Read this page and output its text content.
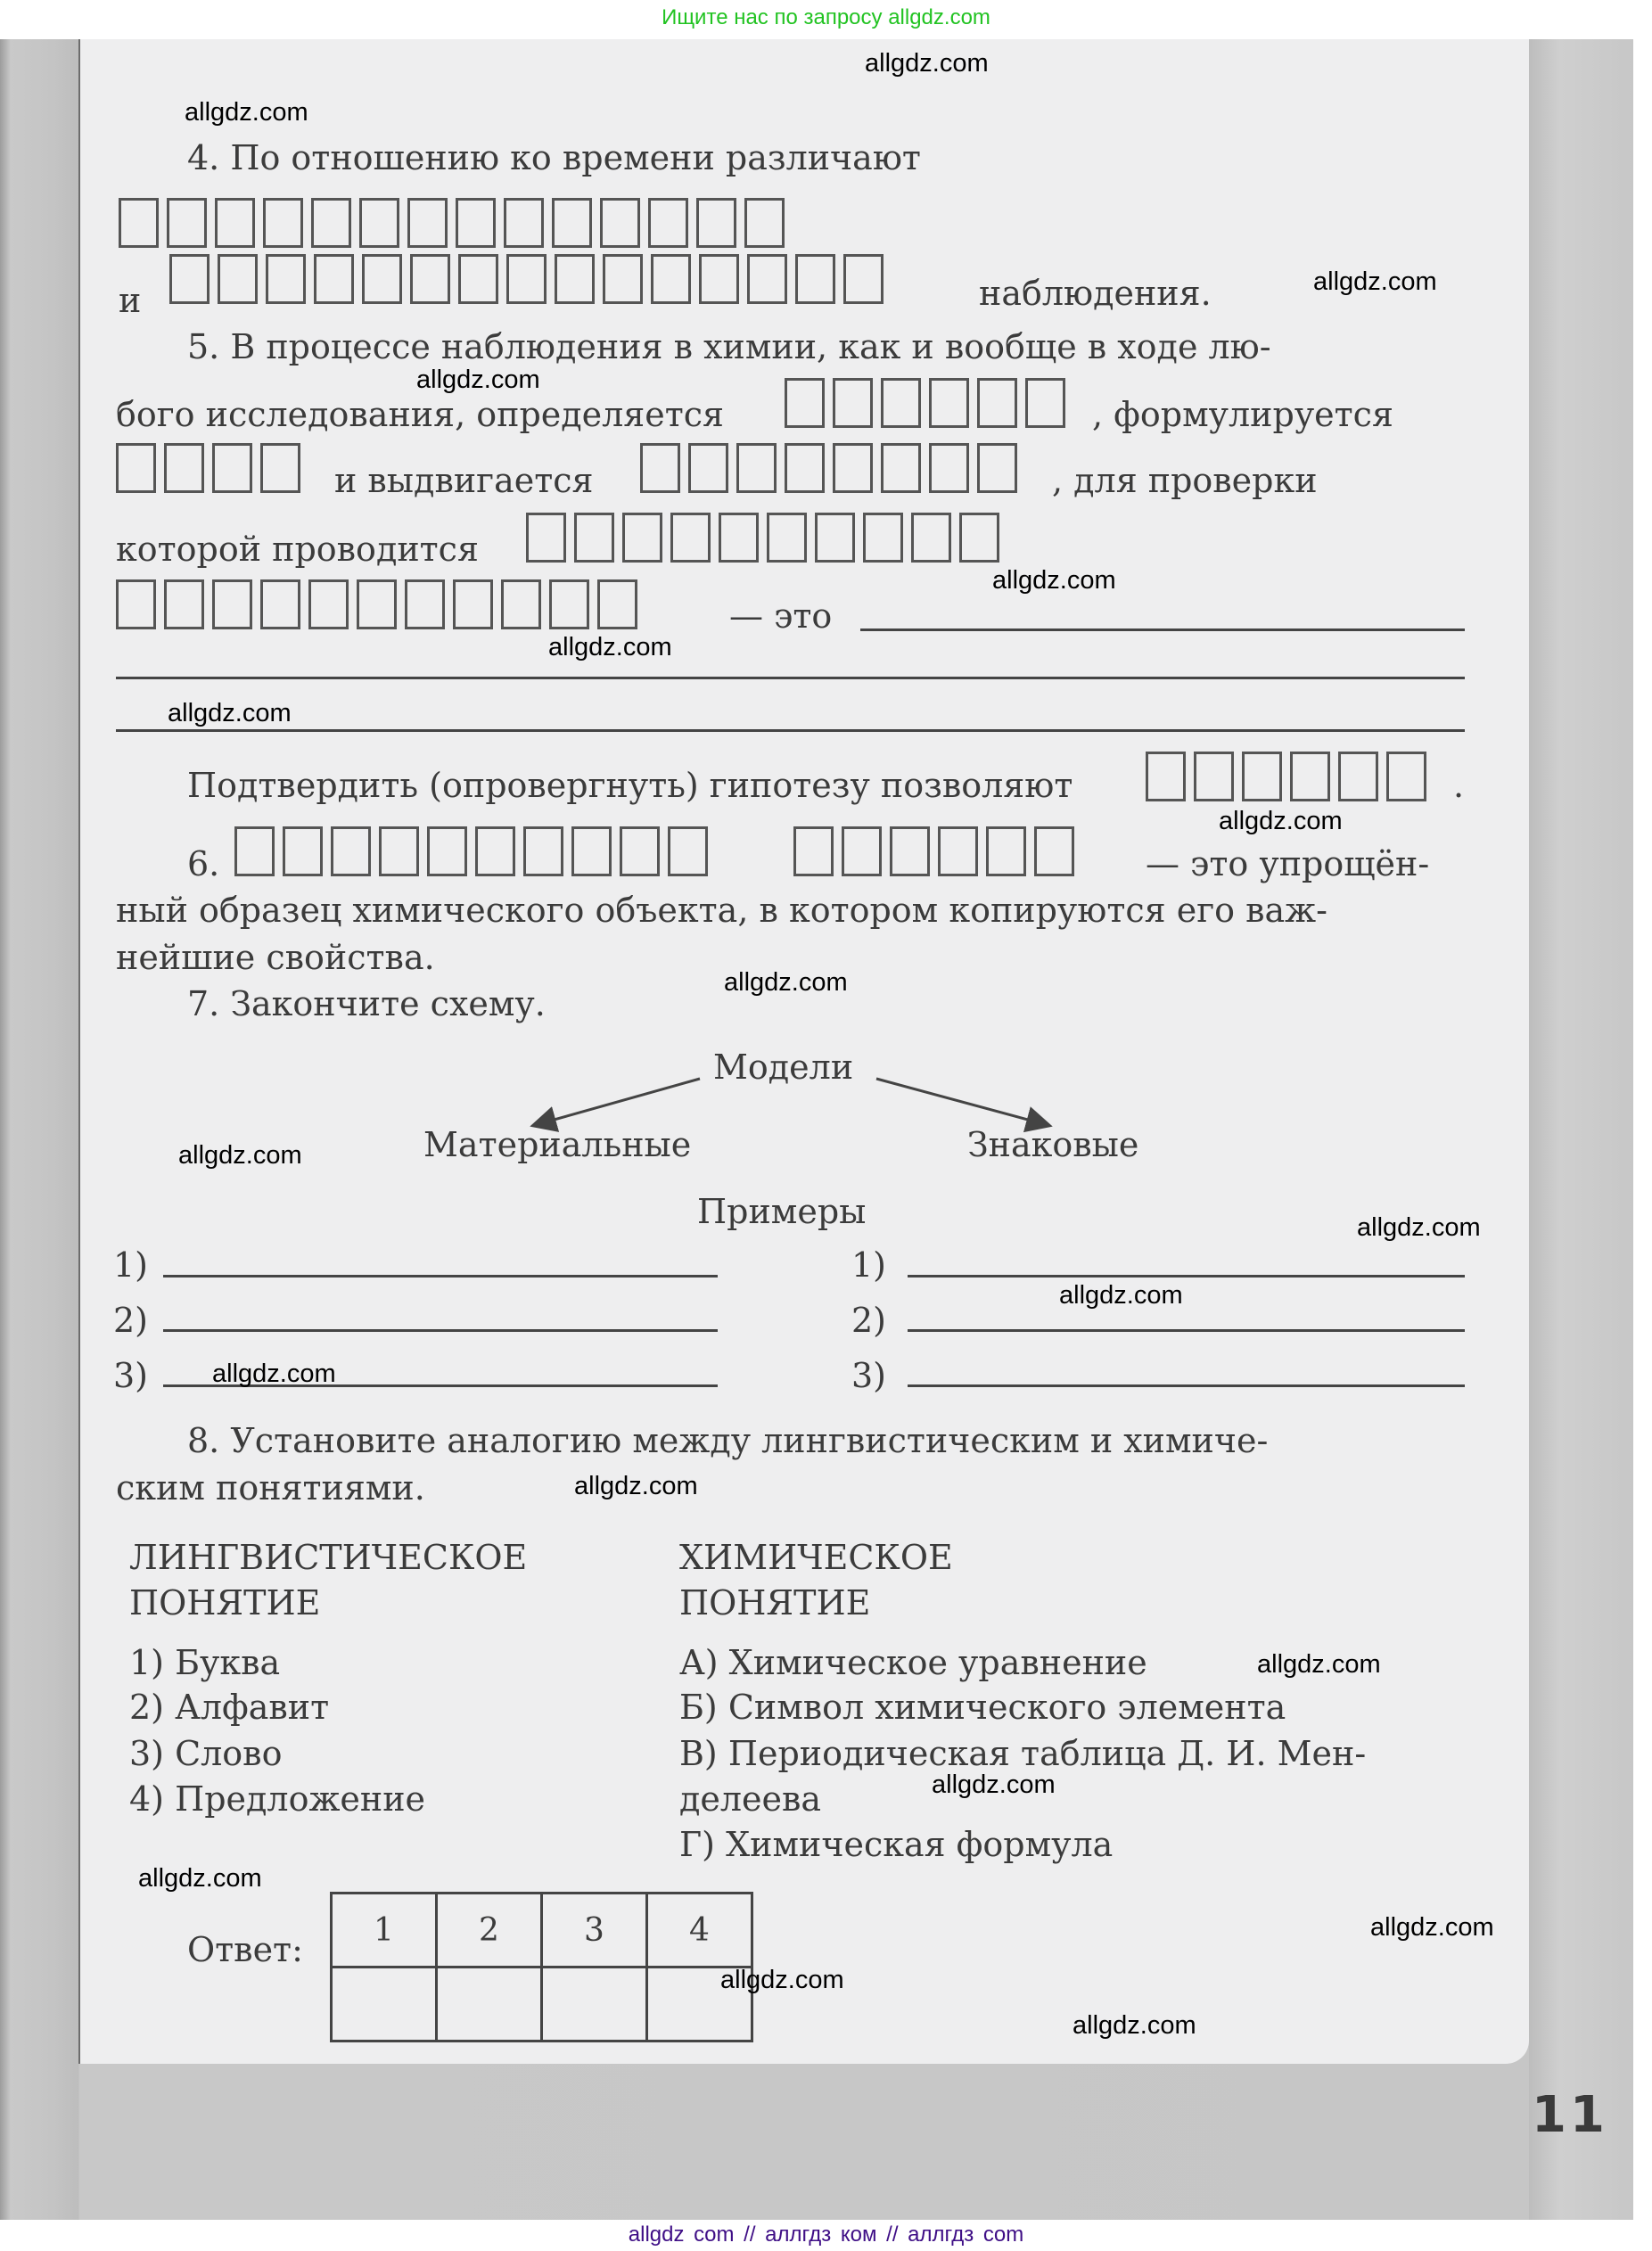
Ищите нас по запросу allgdz.com
11
4. По отношению ко времени различают
и	наблюдения.
5. В процессе наблюдения в химии, как и вообще в ходе лю-
бого исследования, определяется	, формулируется
и выдвигается	, для проверки
которой проводится
— это
Подтвердить (опровергнуть) гипотезу позволяют	.
6.	— это упрощён-
ный образец химического объекта, в котором копируются его важ-
нейшие свойства.
7. Закончите схему.
Модели
Материальные	Знаковые
Примеры
1)
2)
3)
1)
2)
3)
8. Установите аналогию между лингвистическим и химиче-
ским понятиями.
ЛИНГВИСТИЧЕСКОЕ
ПОНЯТИЕ
ХИМИЧЕСКОЕ
ПОНЯТИЕ
1) Буква
2) Алфавит
3) Слово
4) Предложение
А) Химическое уравнение
Б) Символ химического элемента
В) Периодическая таблица Д. И. Мен-
делеева
Г) Химическая формула
Ответ: 1	2	3	4

allgdz.com
allgdz.com
allgdz.com
allgdz.com
allgdz.com
allgdz.com
allgdz.com
allgdz.com
allgdz.com
allgdz.com
allgdz.com
allgdz.com
allgdz.com
allgdz.com
allgdz.com
allgdz.com
allgdz.com
allgdz.com
allgdz.com
allgdz.com
allgdz com // аллгдз ком // аллгдз com
